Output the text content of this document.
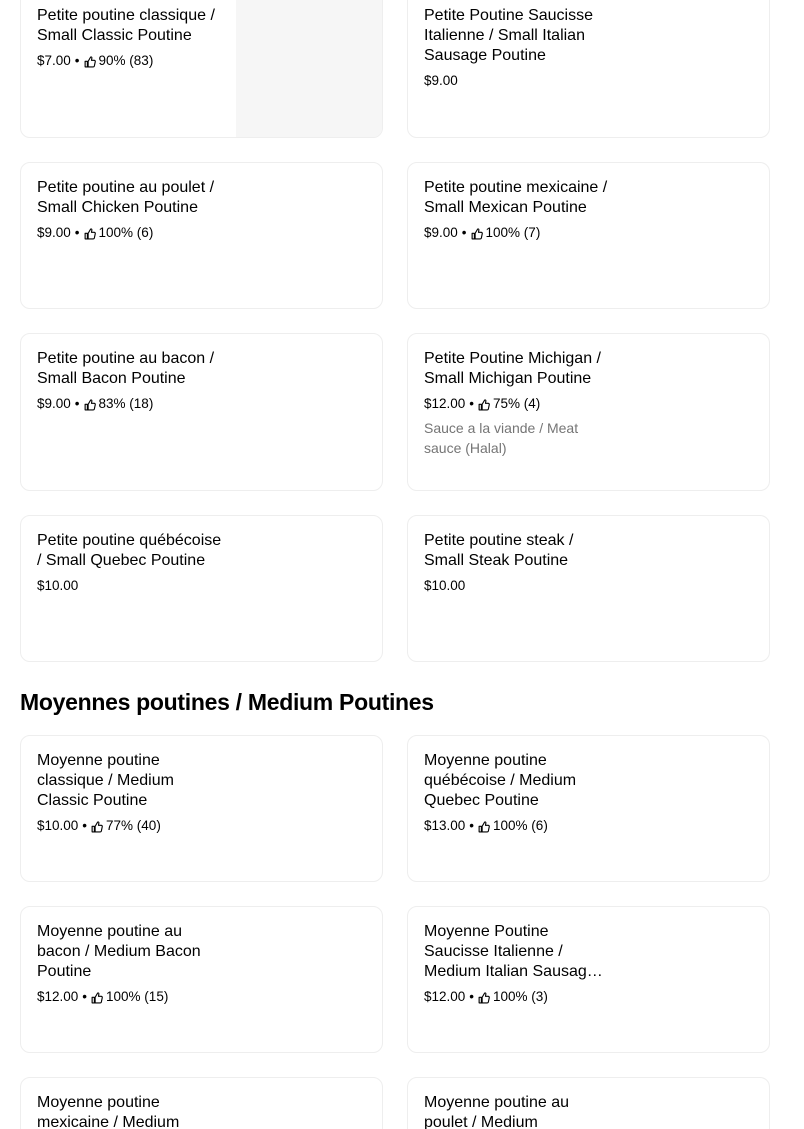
Petite poutine classique / Small Classic Poutine
$7.00 • 90% (83)
Petite Poutine Saucisse Italienne / Small Italian Sausage Poutine
$9.00
Petite poutine au poulet / Small Chicken Poutine
$9.00 • 100% (6)
Petite poutine mexicaine / Small Mexican Poutine
$9.00 • 100% (7)
Petite poutine au bacon / Small Bacon Poutine
$9.00 • 83% (18)
Petite Poutine Michigan / Small Michigan Poutine
$12.00 • 75% (4)
Sauce a la viande / Meat sauce (Halal)
Petite poutine québécoise / Small Quebec Poutine
$10.00
Petite poutine steak / Small Steak Poutine
$10.00
Moyennes poutines / Medium Poutines
Moyenne poutine classique / Medium Classic Poutine
$10.00 • 77% (40)
Moyenne poutine québécoise / Medium Quebec Poutine
$13.00 • 100% (6)
Moyenne poutine au bacon / Medium Bacon Poutine
$12.00 • 100% (15)
Moyenne Poutine Saucisse Italienne / Medium Italian Sausage
$12.00 • 100% (3)
Moyenne poutine mexicaine / Medium
Moyenne poutine au poulet / Medium
